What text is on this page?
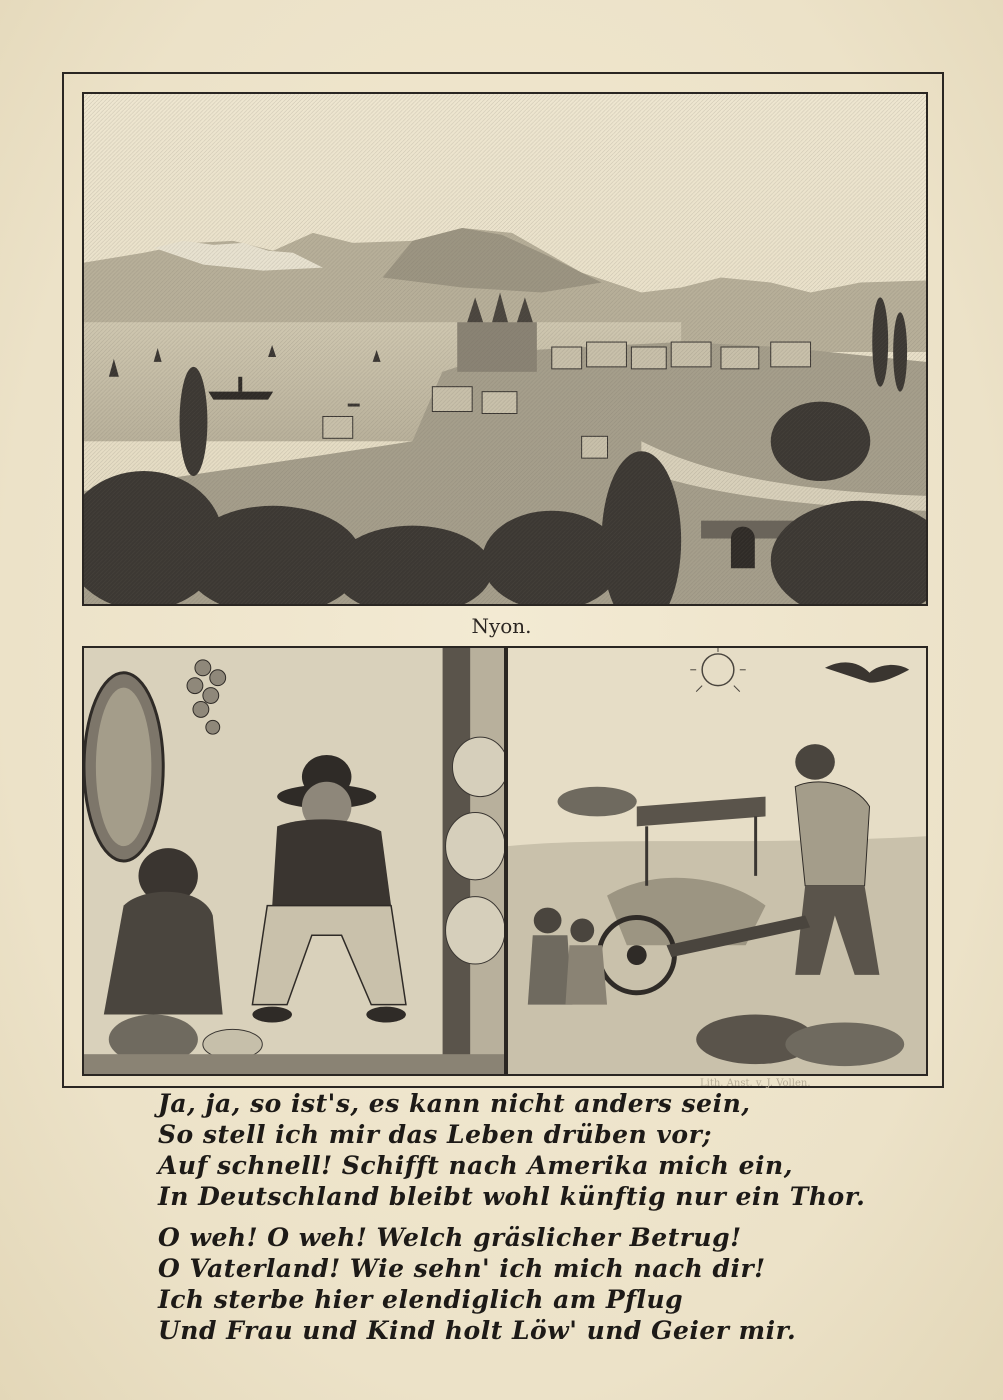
Nyon.
Lith. Anst. v. J. Vollen.
Ja, ja, so ist's, es kann nicht anders sein,
So stell ich mir das Leben drüben vor;
Auf schnell! Schifft nach Amerika mich ein,
In Deutschland bleibt wohl künftig nur ein Thor.
O weh! O weh! Welch gräslicher Betrug!
O Vaterland! Wie sehn' ich mich nach dir!
Ich sterbe hier elendiglich am Pflug
Und Frau und Kind holt Löw' und Geier mir.
